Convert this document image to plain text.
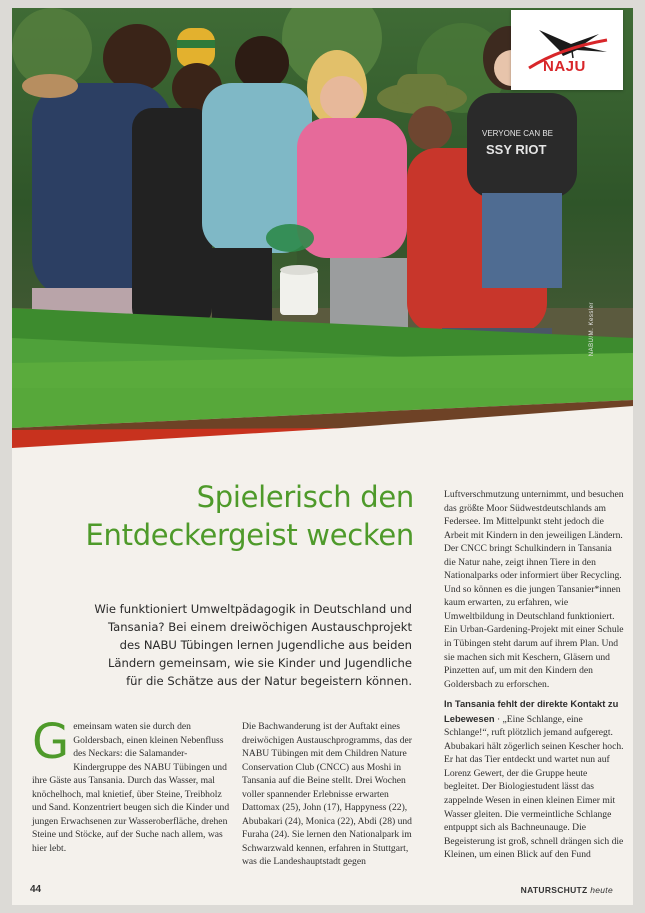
VERYONE CAN BE
SSY RIOT
NABU/M. Kessler
NAJU
Spielerisch den
Entdeckergeist wecken

Wie funktioniert Umweltpädagogik in Deutschland und Tansania? Bei einem dreiwöchigen Austauschprojekt des NABU Tübingen lernen Jugendliche aus beiden Ländern gemeinsam, wie sie Kinder und Jugendliche für die Schätze aus der Natur begeistern können.

Gemeinsam waten sie durch den Goldersbach, einen kleinen Nebenfluss des Neckars: die Salamander-Kindergruppe des NABU Tübingen und ihre Gäste aus Tansania. Durch das Wasser, mal knöchelhoch, mal knietief, über Steine, Treibholz und Sand. Konzentriert beugen sich die Kinder und jungen Erwachsenen zur Wasseroberfläche, drehen Steine und Stöcke, auf der Suche nach allem, was hier lebt.

Die Bachwanderung ist der Auftakt eines dreiwöchigen Austauschprogramms, das der NABU Tübingen mit dem Children Nature Conservation Club (CNCC) aus Moshi in Tansania auf die Beine stellt. Drei Wochen voller spannender Erlebnisse erwarten Dattomax (25), John (17), Happyness (22), Abubakari (24), Monica (22), Abdi (28) und Furaha (24). Sie lernen den Nationalpark im Schwarzwald kennen, erfahren in Stuttgart, was die Landeshauptstadt gegen

Luftverschmutzung unternimmt, und besuchen das größte Moor Südwestdeutschlands am Federsee. Im Mittelpunkt steht jedoch die Arbeit mit Kindern in den jeweiligen Ländern. Der CNCC bringt Schulkindern in Tansania die Natur nahe, zeigt ihnen Tiere in den Nationalparks oder informiert über Recycling. Und so können es die jungen Tansanier*innen kaum erwarten, zu erfahren, wie Umweltbildung in Deutschland funktioniert. Ein Urban-Gardening-Projekt mit einer Schule in Tübingen steht darum auf ihrem Plan. Und sie machen sich mit Keschern, Gläsern und Pinzetten auf, um mit den Kindern den Goldersbach zu erforschen.

In Tansania fehlt der direkte Kontakt zu Lebewesen · „Eine Schlange, eine Schlange!“, ruft plötzlich jemand aufgeregt. Abubakari hält zögerlich seinen Kescher hoch. Er hat das Tier entdeckt und wartet nun auf Lorenz Gewert, der die Gruppe heute begleitet. Der Biologiestudent lässt das zappelnde Wesen in einen kleinen Eimer mit Wasser gleiten. Die vermeintliche Schlange entpuppt sich als Bachneunauge. Die Begeisterung ist groß, schnell drängen sich die Kleinen, um einen Blick auf den Fund

44	NATURSCHUTZ heute
